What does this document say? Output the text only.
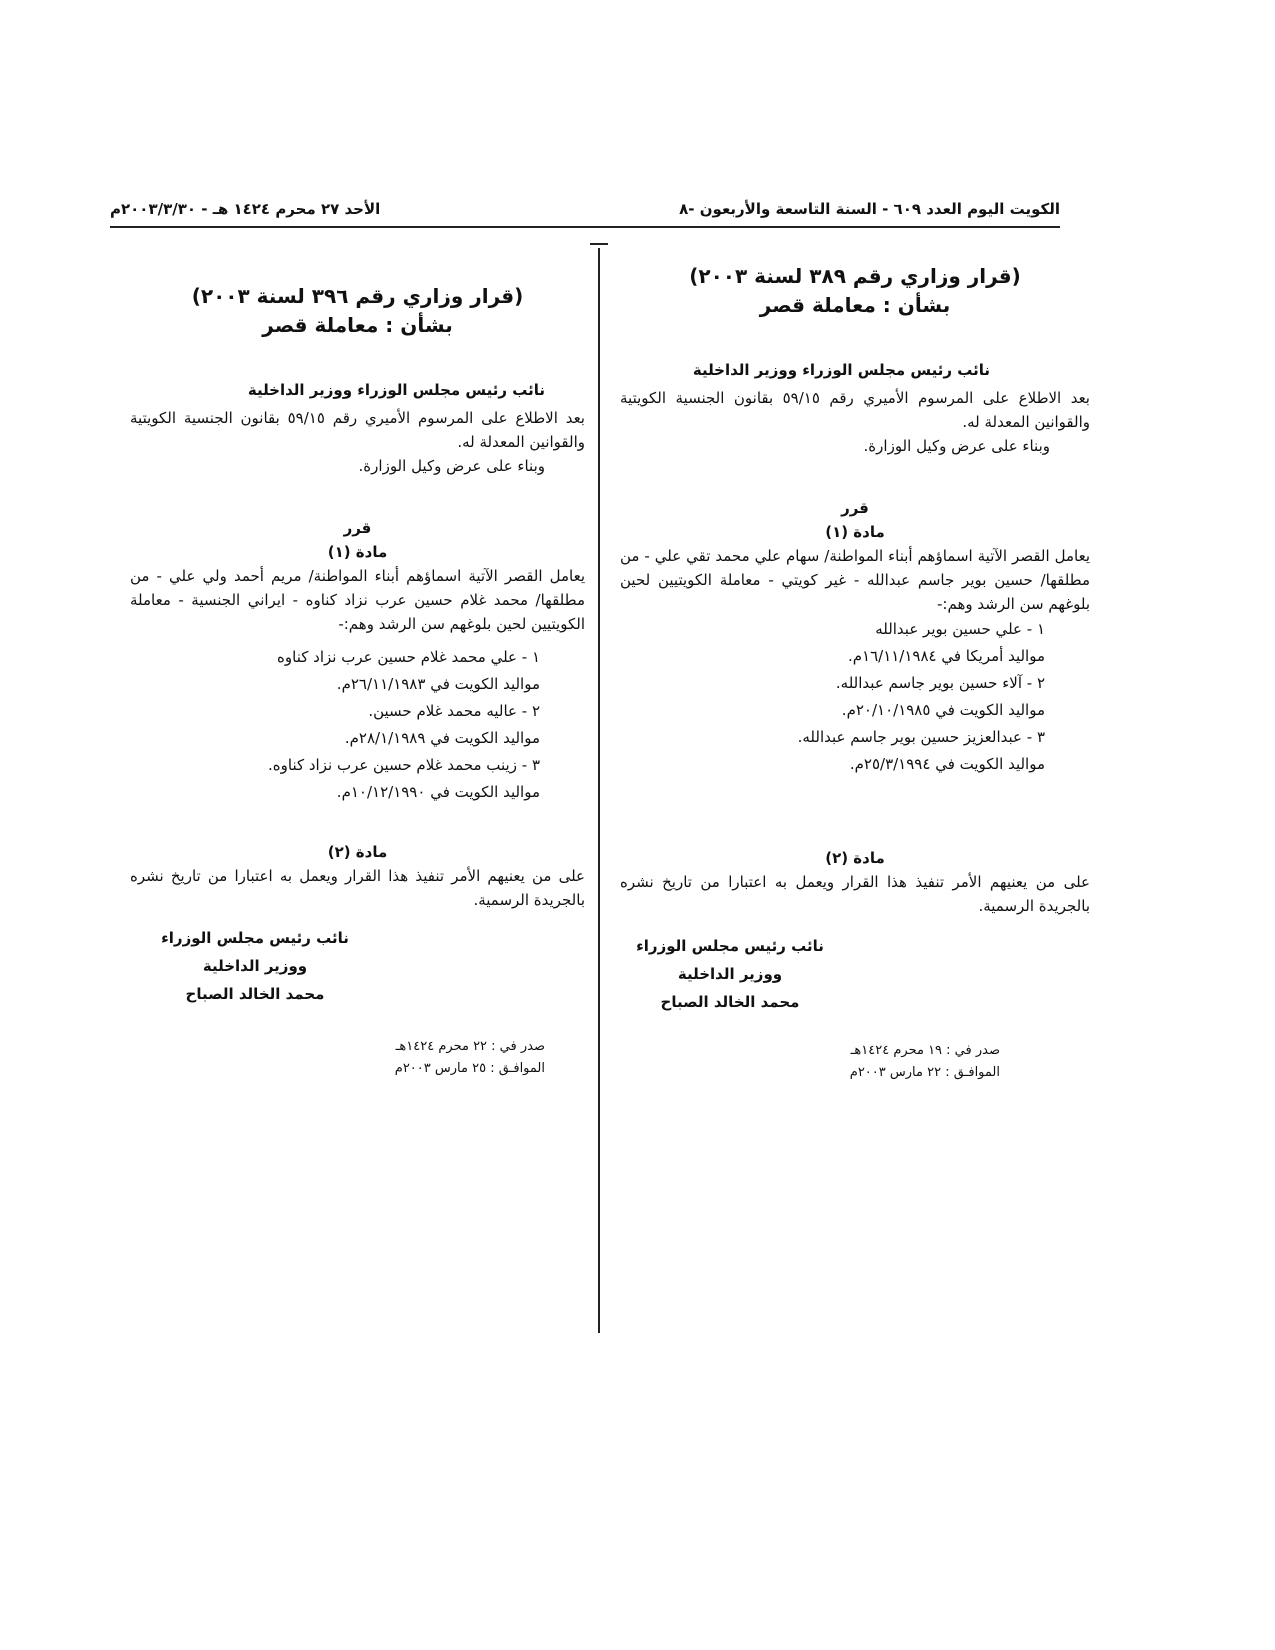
الكويت اليوم العدد ٦٠٩ - السنة التاسعة والأربعون -٨
الأحد ٢٧ محرم ١٤٢٤ هـ - ٢٠٠٣/٣/٣٠م
(قرار وزاري رقم ٣٨٩ لسنة ٢٠٠٣)
بشأن : معاملة قصر
نائب رئيس مجلس الوزراء ووزير الداخلية

بعد الاطلاع على المرسوم الأميري رقم ٥٩/١٥ بقانون الجنسية الكويتية والقوانين المعدلة له.

وبناء على عرض وكيل الوزارة.

قرر
مادة (١)

يعامل القصر الآتية اسماؤهم أبناء المواطنة/ سهام علي محمد تقي علي - من مطلقها/ حسين بوير جاسم عبدالله - غير كويتي - معاملة الكويتيين لحين بلوغهم سن الرشد وهم:-

١ - علي حسين بوير عبدالله
مواليد أمريكا في ١٦/١١/١٩٨٤م.
٢ - آلاء حسين بوير جاسم عبدالله.
مواليد الكويت في ٢٠/١٠/١٩٨٥م.
٣ - عبدالعزيز حسين بوير جاسم عبدالله.
مواليد الكويت في ٢٥/٣/١٩٩٤م.
مادة (٢)

على من يعنيهم الأمر تنفيذ هذا القرار ويعمل به اعتبارا من تاريخ نشره بالجريدة الرسمية.

نائب رئيس مجلس الوزراء
ووزير الداخلية
محمد الخالد الصباح
صدر في : ١٩ محرم ١٤٢٤هـ
الموافـق : ٢٢ مارس ٢٠٠٣م
(قرار وزاري رقم ٣٩٦ لسنة ٢٠٠٣)
بشأن : معاملة قصر
نائب رئيس مجلس الوزراء ووزير الداخلية

بعد الاطلاع على المرسوم الأميري رقم ٥٩/١٥ بقانون الجنسية الكويتية والقوانين المعدلة له.

وبناء على عرض وكيل الوزارة.

قرر
مادة (١)

يعامل القصر الآتية اسماؤهم أبناء المواطنة/ مريم أحمد ولي علي - من مطلقها/ محمد غلام حسين عرب نزاد كناوه - ايراني الجنسية - معاملة الكويتيين لحين بلوغهم سن الرشد وهم:-

١ - علي محمد غلام حسين عرب نزاد كناوه
مواليد الكويت في ٢٦/١١/١٩٨٣م.
٢ - عاليه محمد غلام حسين.
مواليد الكويت في ٢٨/١/١٩٨٩م.
٣ - زينب محمد غلام حسين عرب نزاد كناوه.
مواليد الكويت في ١٠/١٢/١٩٩٠م.
مادة (٢)

على من يعنيهم الأمر تنفيذ هذا القرار ويعمل به اعتبارا من تاريخ نشره بالجريدة الرسمية.

نائب رئيس مجلس الوزراء
ووزير الداخلية
محمد الخالد الصباح
صدر في : ٢٢ محرم ١٤٢٤هـ
الموافـق : ٢٥ مارس ٢٠٠٣م
